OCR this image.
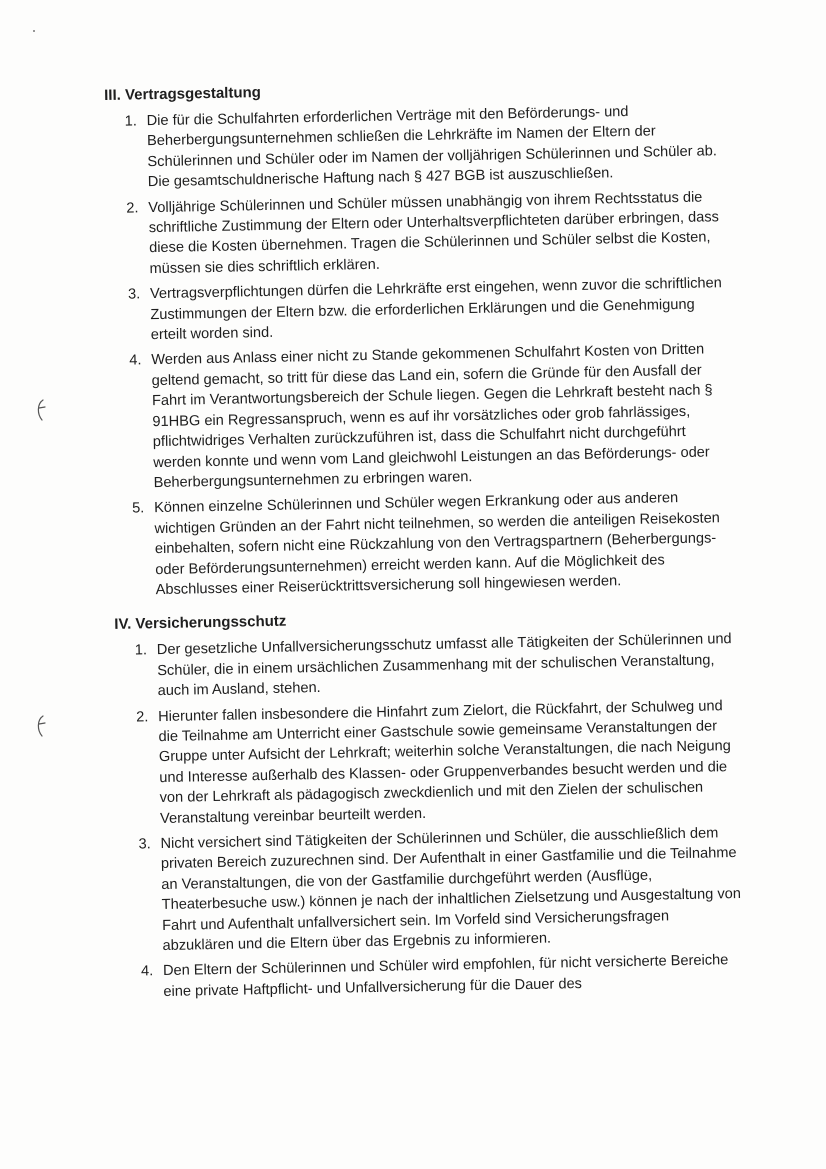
III. Vertragsgestaltung
1. Die für die Schulfahrten erforderlichen Verträge mit den Beförderungs- und Beherbergungsunternehmen schließen die Lehrkräfte im Namen der Eltern der Schülerinnen und Schüler oder im Namen der volljährigen Schülerinnen und Schüler ab. Die gesamtschuldnerische Haftung nach § 427 BGB ist auszuschließen.
2. Volljährige Schülerinnen und Schüler müssen unabhängig von ihrem Rechtsstatus die schriftliche Zustimmung der Eltern oder Unterhaltsverpflichteten darüber erbringen, dass diese die Kosten übernehmen. Tragen die Schülerinnen und Schüler selbst die Kosten, müssen sie dies schriftlich erklären.
3. Vertragsverpflichtungen dürfen die Lehrkräfte erst eingehen, wenn zuvor die schriftlichen Zustimmungen der Eltern bzw. die erforderlichen Erklärungen und die Genehmigung erteilt worden sind.
4. Werden aus Anlass einer nicht zu Stande gekommenen Schulfahrt Kosten von Dritten geltend gemacht, so tritt für diese das Land ein, sofern die Gründe für den Ausfall der Fahrt im Verantwortungsbereich der Schule liegen. Gegen die Lehrkraft besteht nach § 91HBG ein Regressanspruch, wenn es auf ihr vorsätzliches oder grob fahrlässiges, pflichtwidriges Verhalten zurückzuführen ist, dass die Schulfahrt nicht durchgeführt werden konnte und wenn vom Land gleichwohl Leistungen an das Beförderungs- oder Beherbergungsunternehmen zu erbringen waren.
5. Können einzelne Schülerinnen und Schüler wegen Erkrankung oder aus anderen wichtigen Gründen an der Fahrt nicht teilnehmen, so werden die anteiligen Reisekosten einbehalten, sofern nicht eine Rückzahlung von den Vertragspartnern (Beherbergungs- oder Beförderungsunternehmen) erreicht werden kann. Auf die Möglichkeit des Abschlusses einer Reiserücktrittsversicherung soll hingewiesen werden.
IV. Versicherungsschutz
1. Der gesetzliche Unfallversicherungsschutz umfasst alle Tätigkeiten der Schülerinnen und Schüler, die in einem ursächlichen Zusammenhang mit der schulischen Veranstaltung, auch im Ausland, stehen.
2. Hierunter fallen insbesondere die Hinfahrt zum Zielort, die Rückfahrt, der Schulweg und die Teilnahme am Unterricht einer Gastschule sowie gemeinsame Veranstaltungen der Gruppe unter Aufsicht der Lehrkraft; weiterhin solche Veranstaltungen, die nach Neigung und Interesse außerhalb des Klassen- oder Gruppenverbandes besucht werden und die von der Lehrkraft als pädagogisch zweckdienlich und mit den Zielen der schulischen Veranstaltung vereinbar beurteilt werden.
3. Nicht versichert sind Tätigkeiten der Schülerinnen und Schüler, die ausschließlich dem privaten Bereich zuzurechnen sind. Der Aufenthalt in einer Gastfamilie und die Teilnahme an Veranstaltungen, die von der Gastfamilie durchgeführt werden (Ausflüge, Theaterbesuche usw.) können je nach der inhaltlichen Zielsetzung und Ausgestaltung von Fahrt und Aufenthalt unfallversichert sein. Im Vorfeld sind Versicherungsfragen abzuklären und die Eltern über das Ergebnis zu informieren.
4. Den Eltern der Schülerinnen und Schüler wird empfohlen, für nicht versicherte Bereiche eine private Haftpflicht- und Unfallversicherung für die Dauer des
